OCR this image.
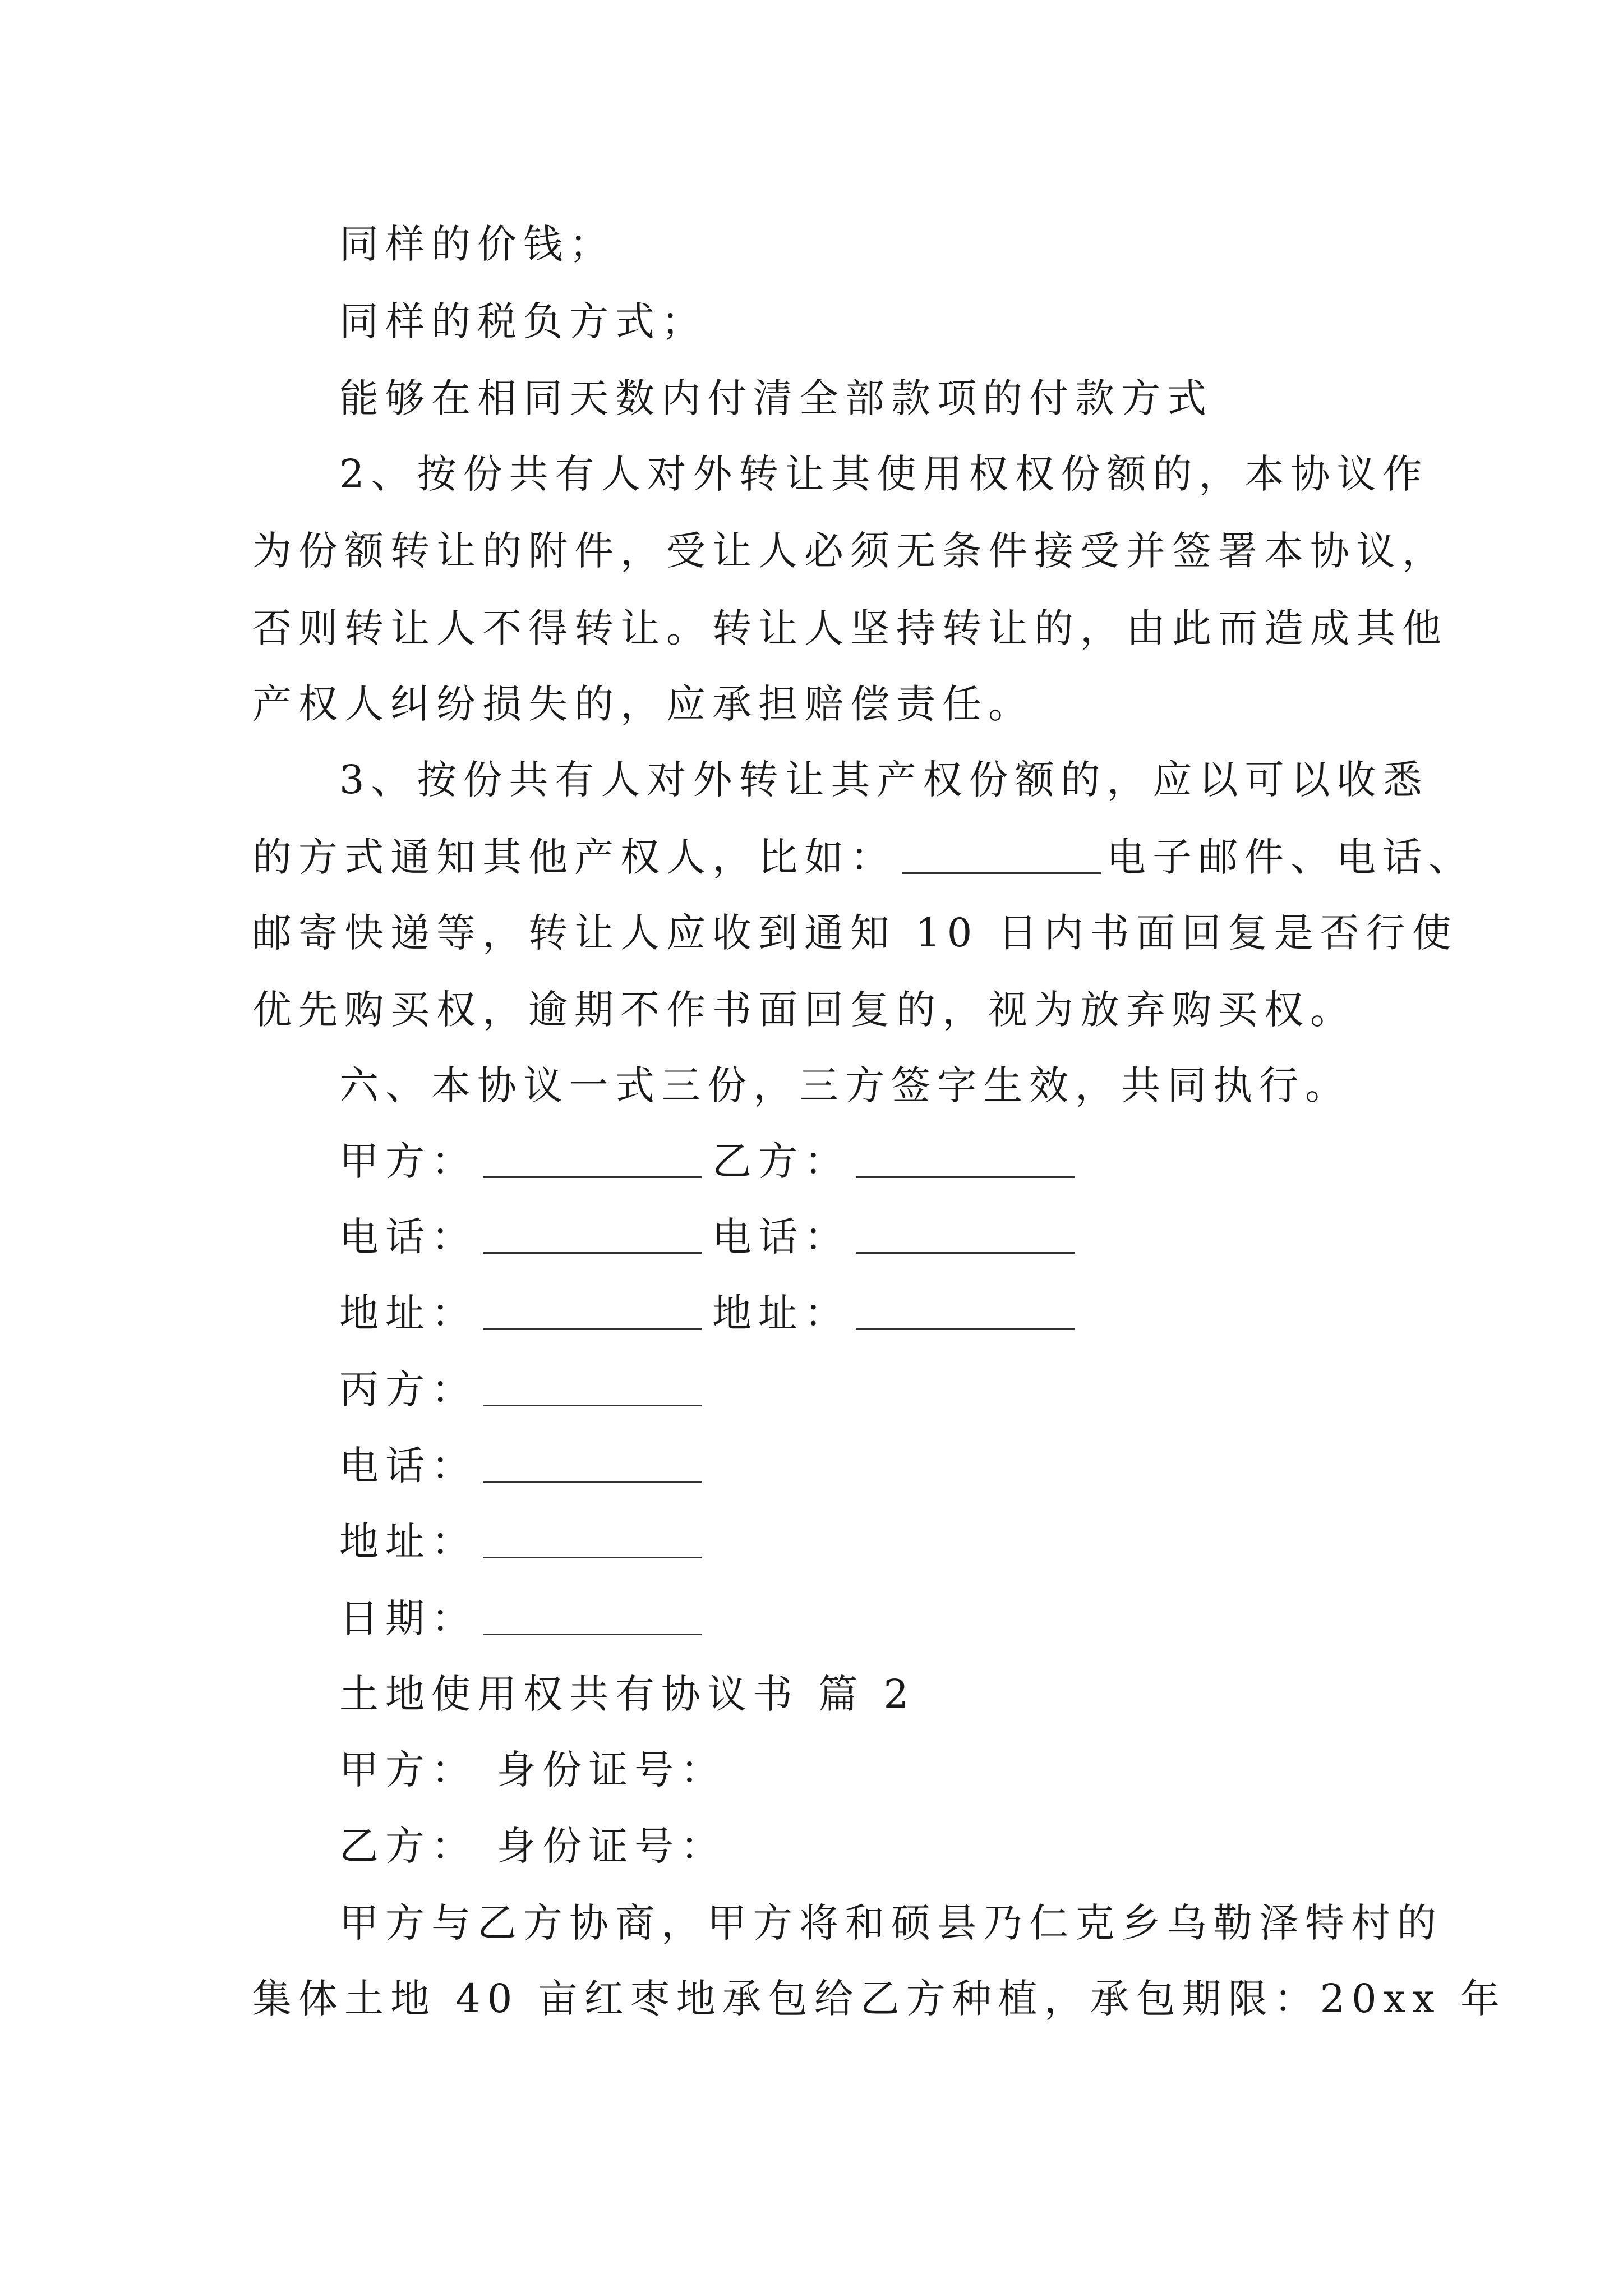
同样的价钱；
同样的税负方式；
能够在相同天数内付清全部款项的付款方式
2、按份共有人对外转让其使用权权份额的，本协议作
为份额转让的附件，受让人必须无条件接受并签署本协议，
否则转让人不得转让。转让人坚持转让的，由此而造成其他
产权人纠纷损失的，应承担赔偿责任。
3、按份共有人对外转让其产权份额的，应以可以收悉
的方式通知其他产权人，比如：	电子邮件、电话、
邮寄快递等，转让人应收到通知 10 日内书面回复是否行使
优先购买权，逾期不作书面回复的，视为放弃购买权。
六、本协议一式三份，三方签字生效，共同执行。
甲方：	乙方：
电话：	电话：
地址：	地址：
丙方：
电话：
地址：
日期：
土地使用权共有协议书 篇 2
甲方： 身份证号：
乙方： 身份证号：
甲方与乙方协商，甲方将和硕县乃仁克乡乌勒泽特村的
集体土地 40 亩红枣地承包给乙方种植，承包期限：20xx 年
